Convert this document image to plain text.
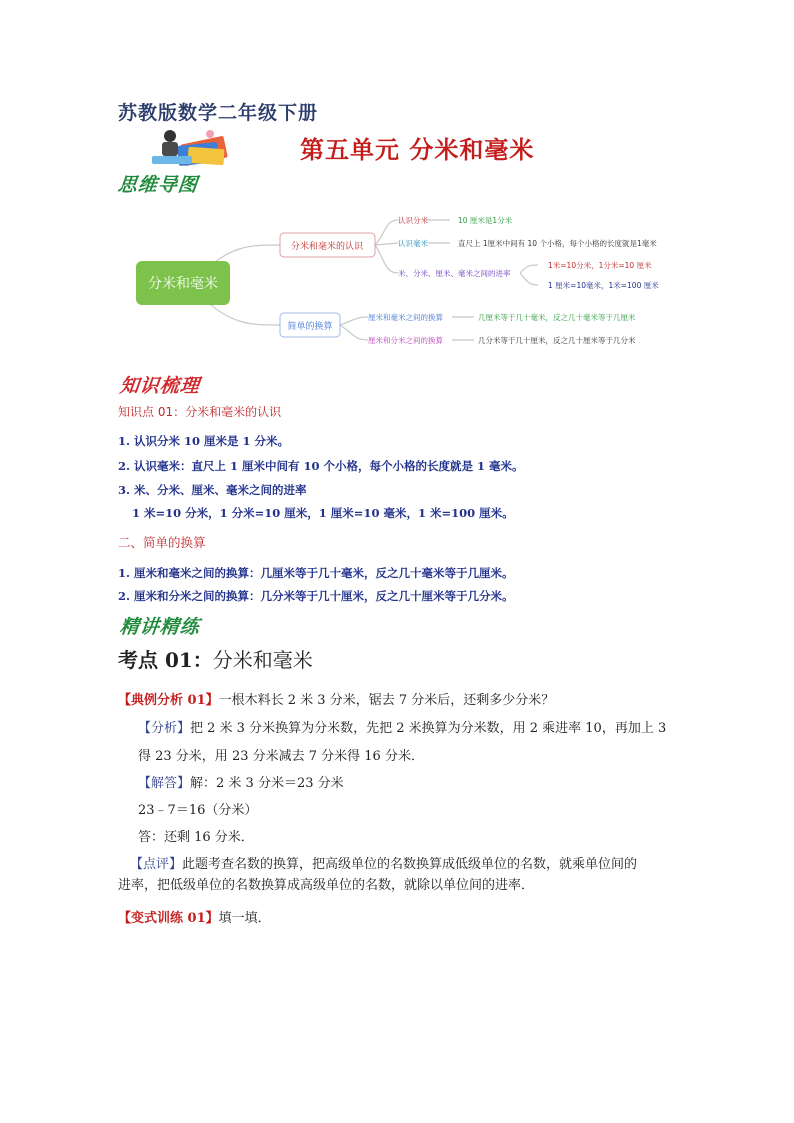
苏教版数学二年级下册
第五单元 分米和毫米
思维导图
分米和毫米
分米和毫米的认识
简单的换算
认识分米	10 厘米是1分米
认识毫米	直尺上 1厘米中间有 10 个小格，每个小格的长度就是1毫米
米、分米、厘米、毫米之间的进率
1米=10分米，1分米=10 厘米
1 厘米=10毫米，1米=100 厘米
厘米和毫米之间的换算	几厘米等于几十毫米，反之几十毫米等于几厘米
厘米和分米之间的换算	几分米等于几十厘米，反之几十厘米等于几分米
知识梳理
知识点 01：分米和毫米的认识
1. 认识分米 10 厘米是 1 分米。
2. 认识毫米：直尺上 1 厘米中间有 10 个小格，每个小格的长度就是 1 毫米。
3. 米、分米、厘米、毫米之间的进率
1 米=10 分米，1 分米=10 厘米，1 厘米=10 毫米，1 米=100 厘米。
二、简单的换算
1. 厘米和毫米之间的换算：几厘米等于几十毫米，反之几十毫米等于几厘米。
2. 厘米和分米之间的换算：几分米等于几十厘米，反之几十厘米等于几分米。
精讲精练
考点 01：分米和毫米
【典例分析 01】一根木料长 2 米 3 分米，锯去 7 分米后，还剩多少分米？
【分析】把 2 米 3 分米换算为分米数，先把 2 米换算为分米数，用 2 乘进率 10，再加上 3
得 23 分米，用 23 分米减去 7 分米得 16 分米．
【解答】解：2 米 3 分米＝23 分米
23﹣7＝16（分米）
答：还剩 16 分米．
【点评】此题考查名数的换算，把高级单位的名数换算成低级单位的名数，就乘单位间的
进率，把低级单位的名数换算成高级单位的名数，就除以单位间的进率．
【变式训练 01】填一填．
